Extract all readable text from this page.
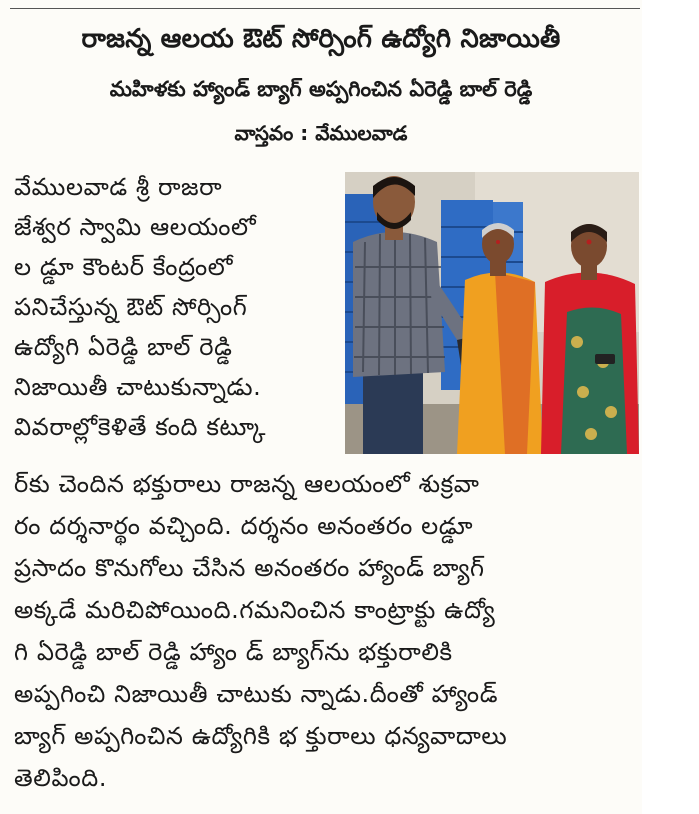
రాజన్న ఆలయ ఔట్ సోర్సింగ్ ఉద్యోగి నిజాయితీ
మహిళకు హ్యాండ్ బ్యాగ్ అప్పగించిన ఏరెడ్డి బాల్ రెడ్డి
వాస్తవం : వేములవాడ
వేములవాడ శ్రీ రాజరా
జేశ్వర స్వామి ఆలయంలో
ల డ్డూ కౌంటర్ కేంద్రంలో
పనిచేస్తున్న ఔట్ సోర్సింగ్
ఉద్యోగి ఏరెడ్డి బాల్ రెడ్డి
నిజాయితీ చాటుకున్నాడు.
వివరాల్లోకెళితే కంది కట్కూ
ర్‌కు చెందిన భక్తురాలు రాజన్న ఆలయంలో శుక్రవా
రం దర్శనార్థం వచ్చింది. దర్శనం అనంతరం లడ్డూ
ప్రసాదం కొనుగోలు చేసిన అనంతరం హ్యాండ్ బ్యాగ్
అక్కడే మరిచిపోయింది.గమనించిన కాంట్రాక్టు ఉద్యో
గి ఏరెడ్డి బాల్ రెడ్డి హ్యాం డ్ బ్యాగ్‌ను భక్తురాలికి
అప్పగించి నిజాయితీ చాటుకు న్నాడు.దీంతో హ్యాండ్
బ్యాగ్ అప్పగించిన ఉద్యోగికి భ క్తురాలు ధన్యవాదాలు
తెలిపింది.
